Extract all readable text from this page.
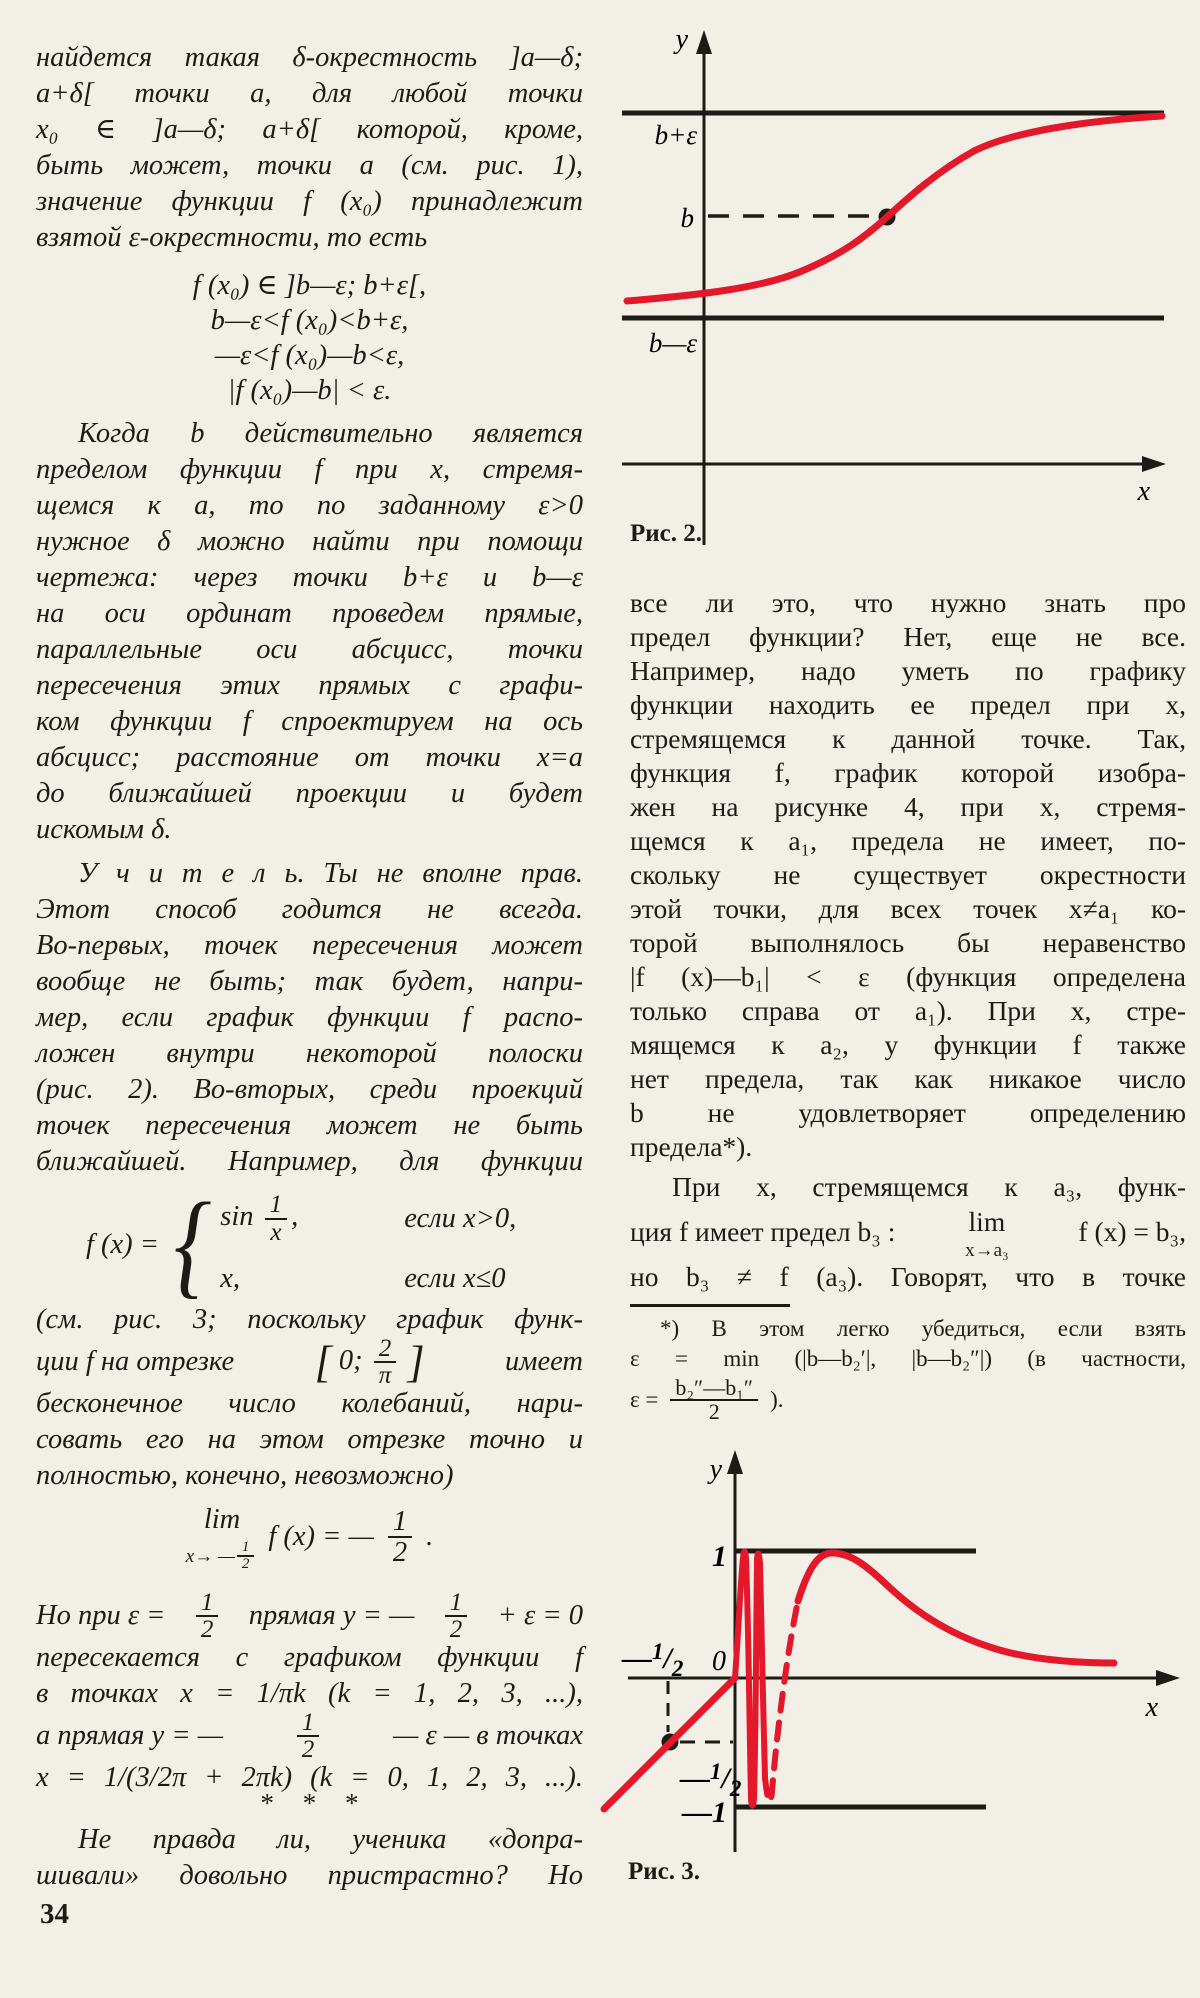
найдется такая δ-окрестность ]a—δ;
a+δ[ точки a, для любой точки
x₀ ∈ ]a—δ; a+δ[ которой, кроме,
быть может, точки a (см. рис. 1),
значение функции f (x₀) принадлежит
взятой ε-окрестности, то есть
f (x₀) ∈ ]b—ε; b+ε[,
b—ε<f (x₀)<b+ε,
—ε<f (x₀)—b<ε,
|f (x₀)—b| < ε.
Когда b действительно является
пределом функции f при x, стремя-
щемся к a, то по заданному ε>0
нужное δ можно найти при помощи
чертежа: через точки b+ε и b—ε
на оси ординат проведем прямые,
параллельные оси абсцисс, точки
пересечения этих прямых с графи-
ком функции f спроектируем на ось
абсцисс; расстояние от точки x=a
до ближайшей проекции и будет
искомым δ.
У ч и т е л ь. Ты не вполне прав.
Этот способ годится не всегда.
Во-первых, точек пересечения может
вообще не быть; так будет, напри-
мер, если график функции f распо-
ложен внутри некоторой полоски
(рис. 2). Во-вторых, среди проекций
точек пересечения может не быть
ближайшей. Например, для функции
f (x) = { $\sin \frac{1}{x}$ ,	если x>0,
x,	если x≤0
(см. рис. 3; поскольку график функ-
ции f на отрезке [ 0; $\frac{2}{\pi}$ ]	имеет
бесконечное число колебаний, нари-
совать его на этом отрезке точно и
полностью, конечно, невозможно)
lim
x→ — 1
2
f (x) = — 1
2
.
Но при $\varepsilon = \frac{1}{2}$ прямая y = — 1
2 + ε = 0
пересекается с графиком функции f
в точках x = 1/πk (k = 1, 2, 3, ...),
а прямая y = —	1
2	— ε — в точках
x = 1/(3/2π + 2πk) (k = 0, 1, 2, 3, ...).
* * *
Не правда ли, ученика «допра-
шивали» довольно пристрастно? Но
34
y
x
b+ε
b
b—ε
Рис. 2.
все ли это, что нужно знать про
предел функции? Нет, еще не все.
Например, надо уметь по графику
функции находить ее предел при x,
стремящемся к данной точке. Так,
функция f, график которой изобра-
жен на рисунке 4, при x, стремя-
щемся к a₁, предела не имеет, по-
скольку не существует окрестности
этой точки, для всех точек x≠a₁ ко-
торой выполнялось бы неравенство
|f (x)—b₁| < ε (функция определена
только справа от a₁). При x, стре-
мящемся к a₂, у функции f также
нет предела, так как никакое число
b не удовлетворяет определению
предела*).
При x, стремящемся к a₃, функ-
ция f имеет предел b₃ :	lim
x→a₃
f (x) = b₃,
но b₃ ≠ f (a₃). Говорят, что в точке
*) В этом легко убедиться, если взять
ε = min (|b—b₂′|, |b—b₂″|) (в частности,
$\varepsilon = \frac{\text{b₂″—b₁″}}{2}$ ).
y
x
1
0
—1
$—^1/_2$
$—^1/_2$
Рис. 3.
